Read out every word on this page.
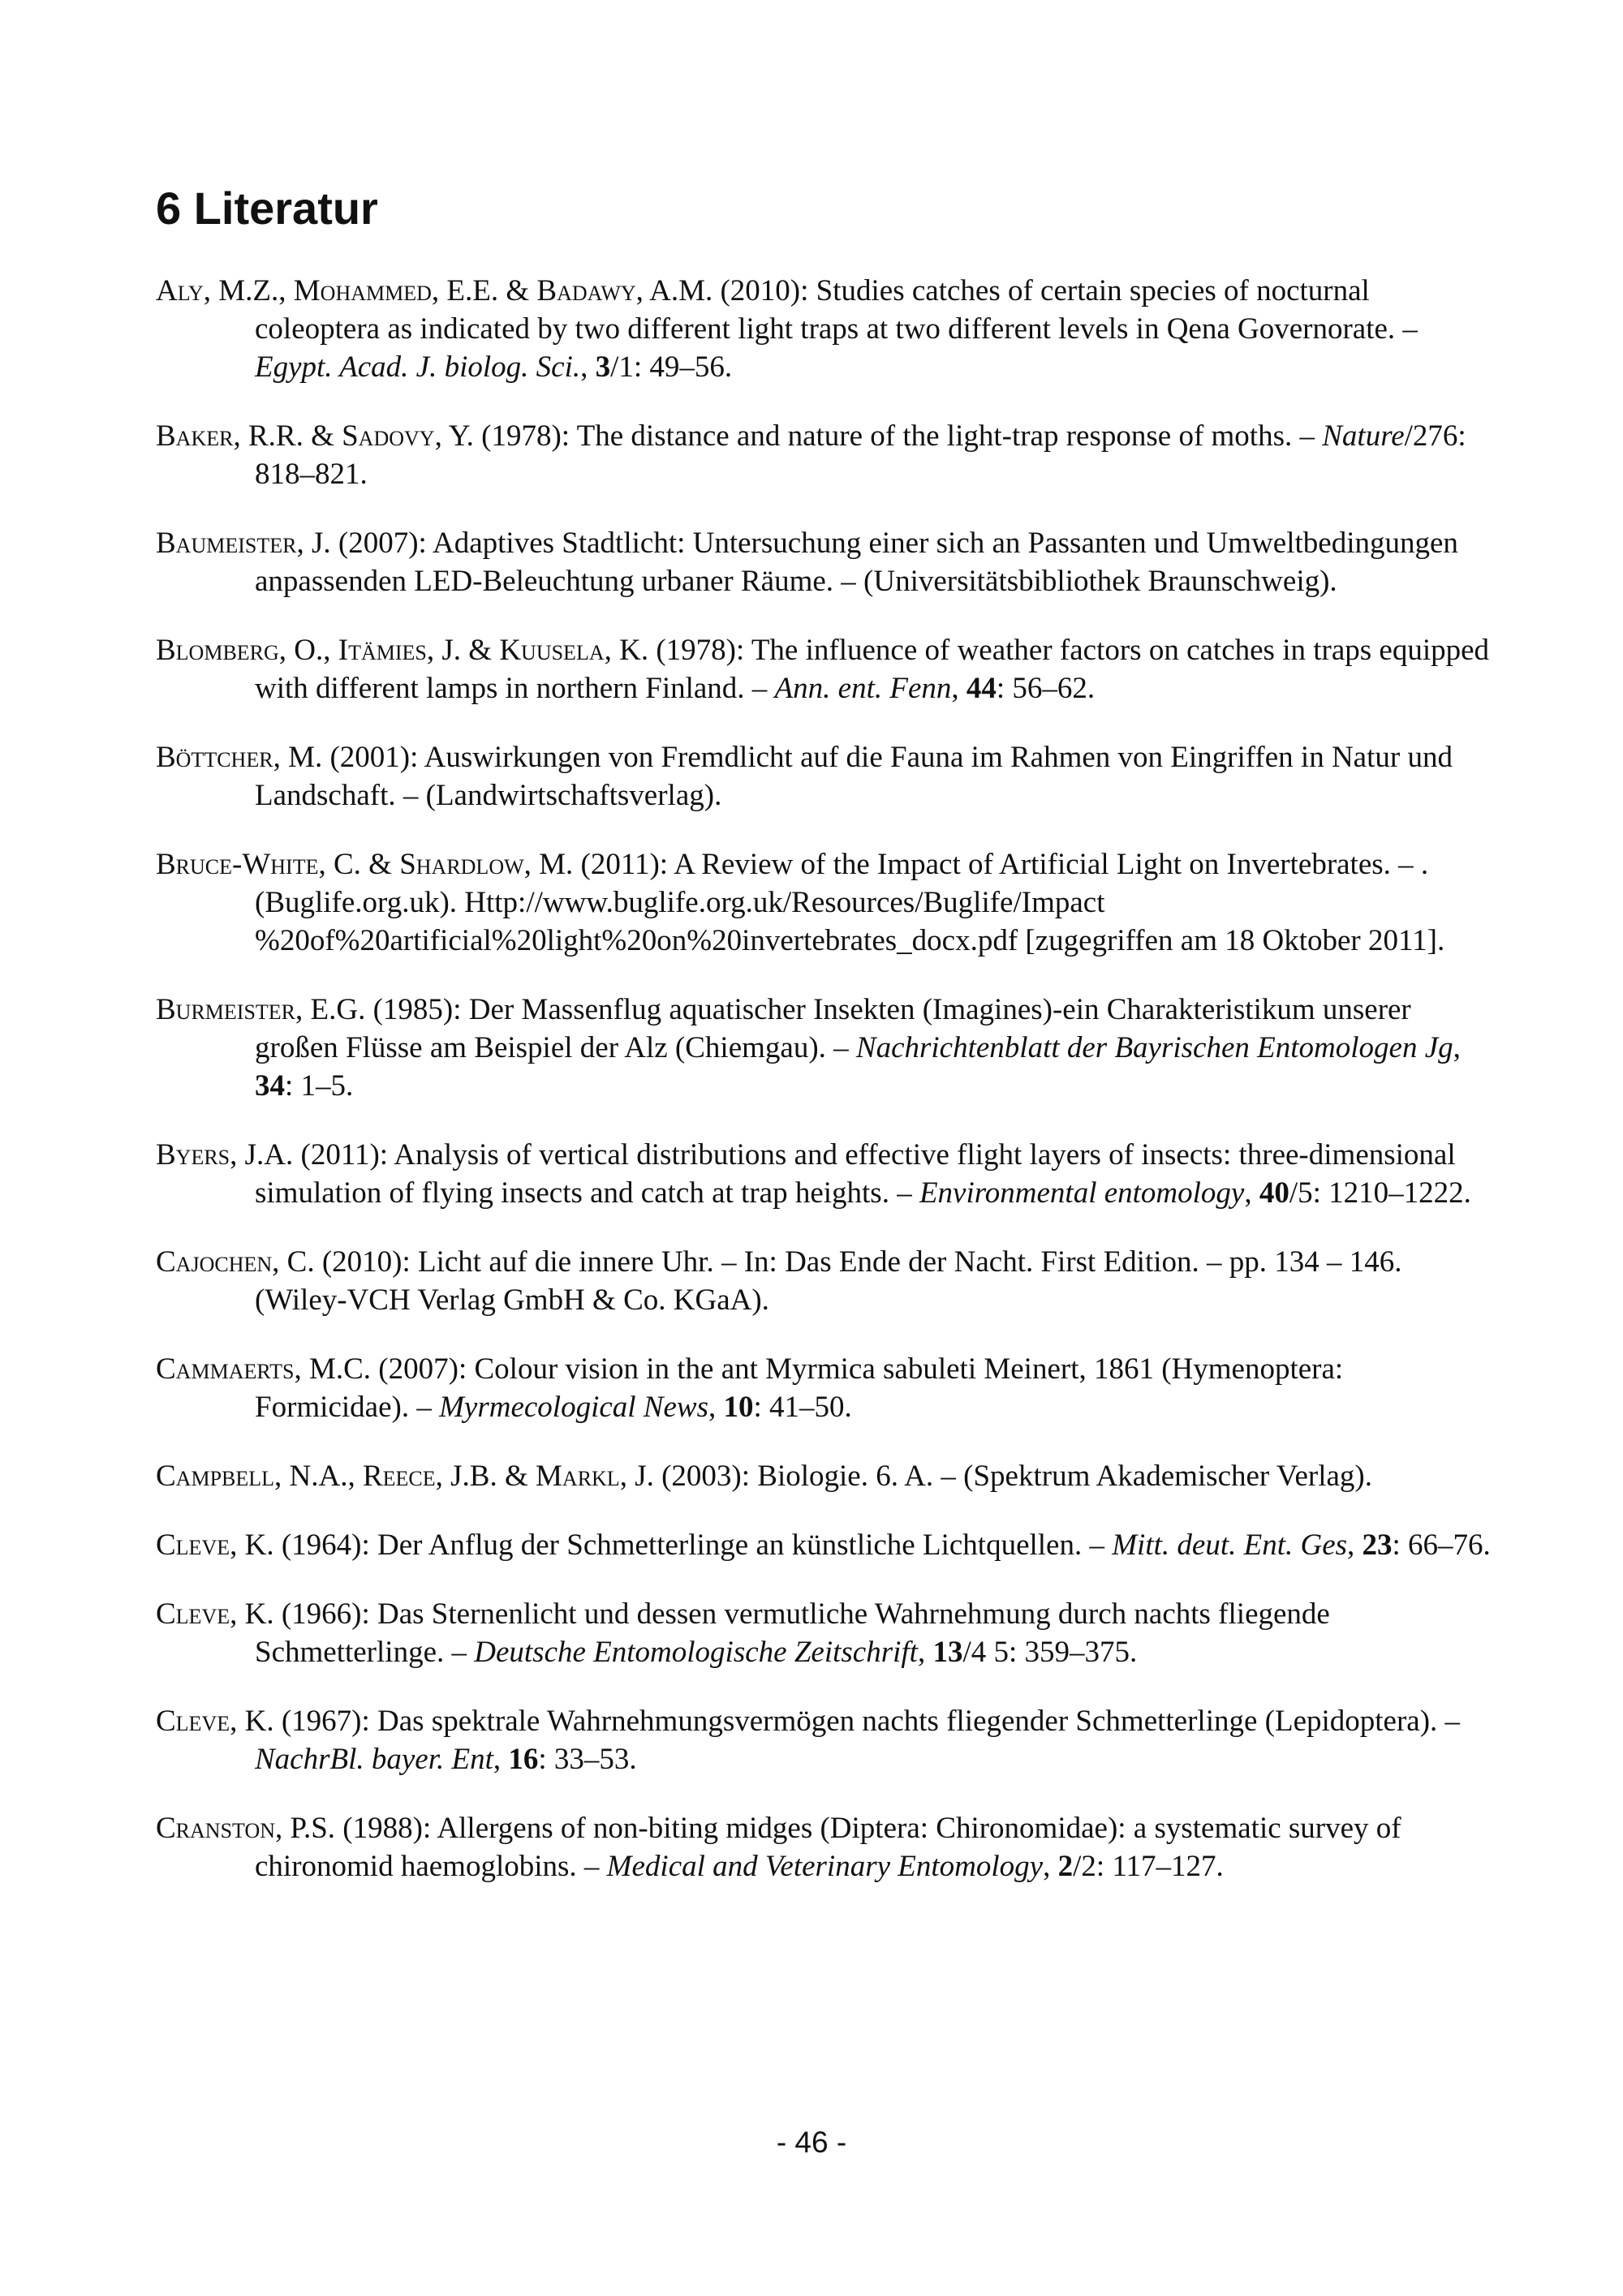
6 Literatur

Aly, M.Z., Mohammed, E.E. & Badawy, A.M. (2010): Studies catches of certain species of nocturnal coleoptera as indicated by two different light traps at two different levels in Qena Governorate. – Egypt. Acad. J. biolog. Sci., 3/1: 49–56.

Baker, R.R. & Sadovy, Y. (1978): The distance and nature of the light-trap response of moths. – Nature/276: 818–821.

Baumeister, J. (2007): Adaptives Stadtlicht: Untersuchung einer sich an Passanten und Umweltbedingungen anpassenden LED-Beleuchtung urbaner Räume. – (Universitätsbibliothek Braunschweig).

Blomberg, O., Itämies, J. & Kuusela, K. (1978): The influence of weather factors on catches in traps equipped with different lamps in northern Finland. – Ann. ent. Fenn, 44: 56–62.

Böttcher, M. (2001): Auswirkungen von Fremdlicht auf die Fauna im Rahmen von Eingriffen in Natur und Landschaft. – (Landwirtschaftsverlag).

Bruce-White, C. & Shardlow, M. (2011): A Review of the Impact of Artificial Light on Invertebrates. – . (Buglife.org.uk). Http://www.buglife.org.uk/Resources/Buglife/Impact %20of%20artificial%20light%20on%20invertebrates_docx.pdf [zugegriffen am 18 Oktober 2011].

Burmeister, E.G. (1985): Der Massenflug aquatischer Insekten (Imagines)-ein Charakteristikum unserer großen Flüsse am Beispiel der Alz (Chiemgau). – Nachrichtenblatt der Bayrischen Entomologen Jg, 34: 1–5.

Byers, J.A. (2011): Analysis of vertical distributions and effective flight layers of insects: three-dimensional simulation of flying insects and catch at trap heights. – Environmental entomology, 40/5: 1210–1222.

Cajochen, C. (2010): Licht auf die innere Uhr. – In: Das Ende der Nacht. First Edition. – pp. 134 – 146. (Wiley-VCH Verlag GmbH & Co. KGaA).

Cammaerts, M.C. (2007): Colour vision in the ant Myrmica sabuleti Meinert, 1861 (Hymenoptera: Formicidae). – Myrmecological News, 10: 41–50.

Campbell, N.A., Reece, J.B. & Markl, J. (2003): Biologie. 6. A. – (Spektrum Akademischer Verlag).

Cleve, K. (1964): Der Anflug der Schmetterlinge an künstliche Lichtquellen. – Mitt. deut. Ent. Ges, 23: 66–76.

Cleve, K. (1966): Das Sternenlicht und dessen vermutliche Wahrnehmung durch nachts fliegende Schmetterlinge. – Deutsche Entomologische Zeitschrift, 13/4 5: 359–375.

Cleve, K. (1967): Das spektrale Wahrnehmungsvermögen nachts fliegender Schmetterlinge (Lepidoptera). – NachrBl. bayer. Ent, 16: 33–53.

Cranston, P.S. (1988): Allergens of non-biting midges (Diptera: Chironomidae): a systematic survey of chironomid haemoglobins. – Medical and Veterinary Entomology, 2/2: 117–127.

- 46 -
